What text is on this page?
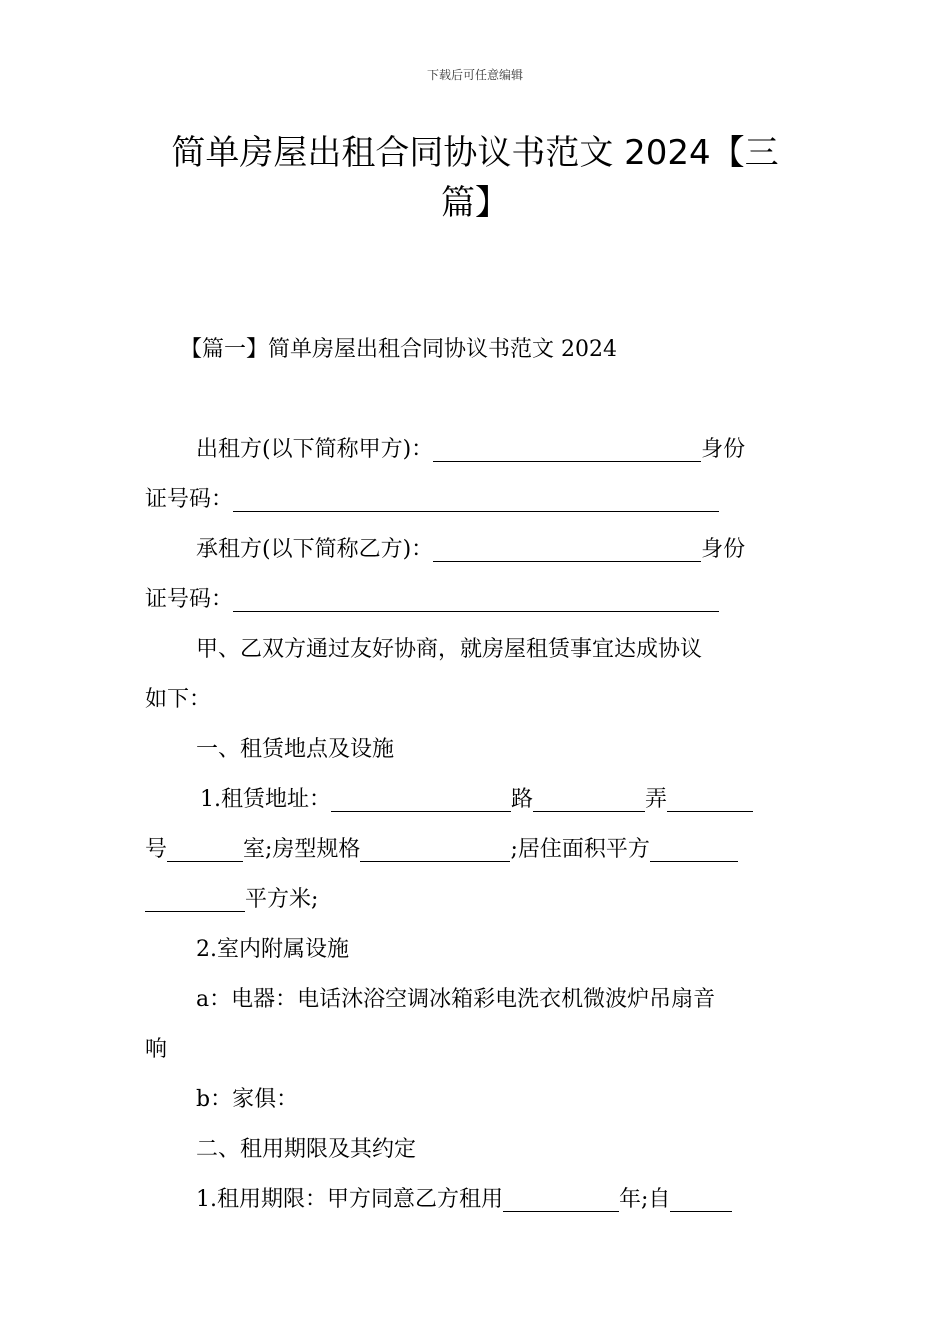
下载后可任意编辑
简单房屋出租合同协议书范文 2024【三
篇】
【篇一】简单房屋出租合同协议书范文 2024

出租方(以下简称甲方)：	身份

证号码：

承租方(以下简称乙方)：	身份

证号码：

甲、乙双方通过友好协商，就房屋租赁事宜达成协议

如下：

一、租赁地点及设施

1.租赁地址：	路	弄

号	室;房型规格	;居住面积平方

平方米;

2.室内附属设施

a：电器：电话沐浴空调冰箱彩电洗衣机微波炉吊扇音

响

b：家俱：

二、租用期限及其约定

1.租用期限：甲方同意乙方租用	年;自
